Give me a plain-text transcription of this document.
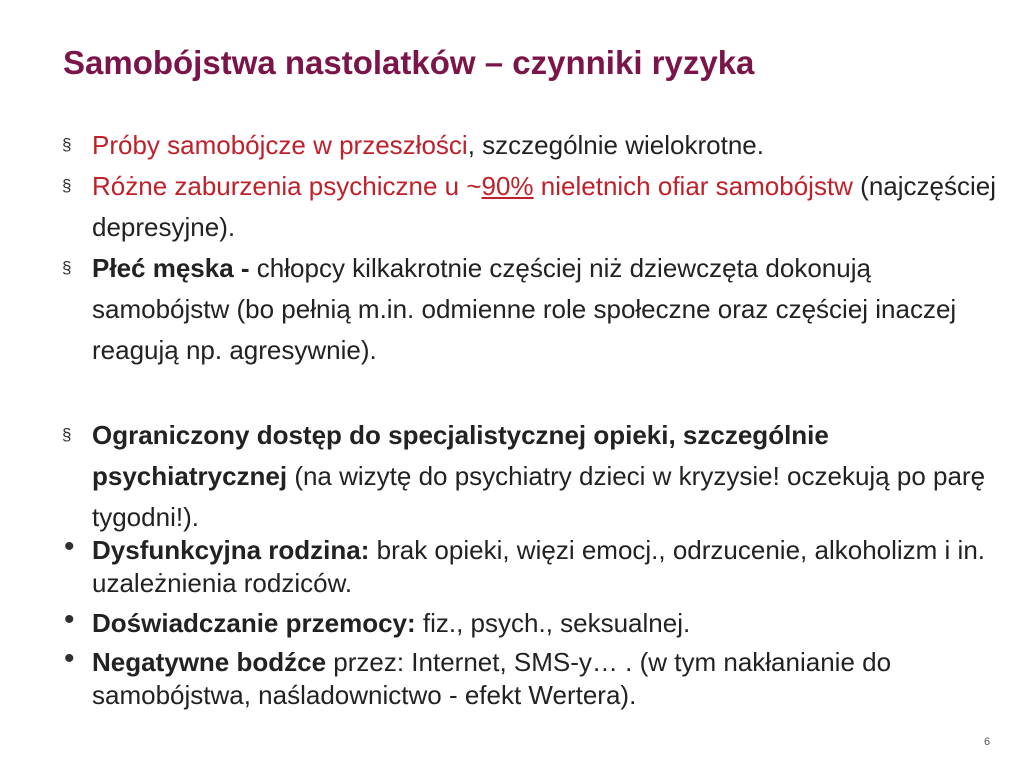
Samobójstwa nastolatków – czynniki ryzyka
§ Próby samobójcze w przeszłości, szczególnie wielokrotne.
§ Różne zaburzenia psychiczne u ~90% nieletnich ofiar samobójstw (najczęściej depresyjne).
§ Płeć męska - chłopcy kilkakrotnie częściej niż dziewczęta dokonują samobójstw (bo pełnią m.in. odmienne role społeczne oraz częściej inaczej reagują np. agresywnie).
§ Ograniczony dostęp do specjalistycznej opieki, szczególnie psychiatrycznej (na wizytę do psychiatry dzieci w kryzysie! oczekują po parę tygodni!).
• Dysfunkcyjna rodzina: brak opieki, więzi emocj., odrzucenie, alkoholizm i in. uzależnienia rodziców.
• Doświadczanie przemocy: fiz., psych., seksualnej.
• Negatywne bodźce przez: Internet, SMS-y… . (w tym nakłanianie do samobójstwa, naśladownictwo - efekt Wertera).
6
